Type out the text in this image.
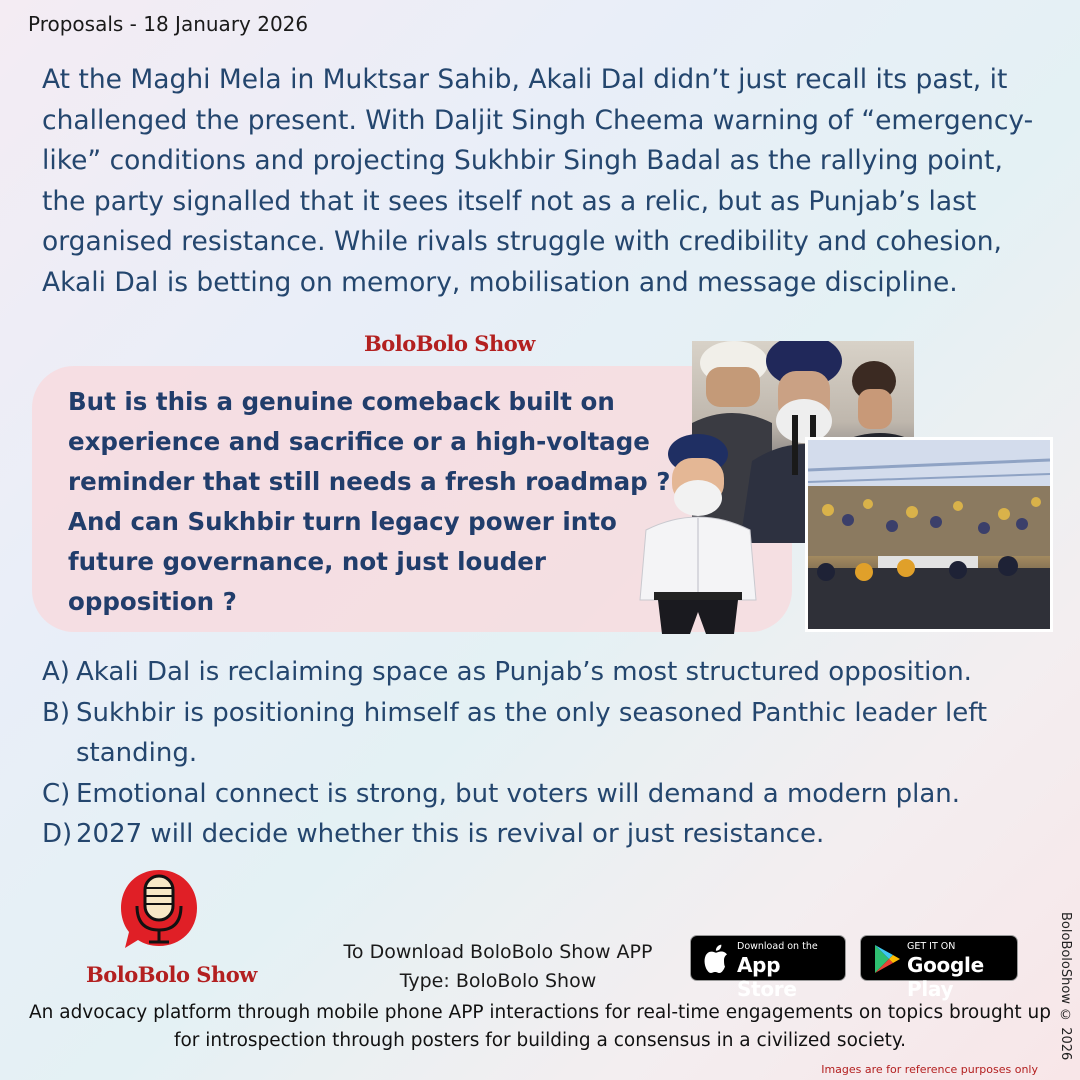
Proposals - 18 January 2026

At the Maghi Mela in Muktsar Sahib, Akali Dal didn’t just recall its past, it challenged the present. With Daljit Singh Cheema warning of “emergency-like” conditions and projecting Sukhbir Singh Badal as the rallying point, the party signalled that it sees itself not as a relic, but as Punjab’s last organised resistance. While rivals struggle with credibility and cohesion, Akali Dal is betting on memory, mobilisation and message discipline.

BoloBolo Show

But is this a genuine comeback built on experience and sacrifice or a high-voltage reminder that still needs a fresh roadmap ? And can Sukhbir turn legacy power into future governance, not just louder opposition ?

A) Akali Dal is reclaiming space as Punjab’s most structured opposition.
B) Sukhbir is positioning himself as the only seasoned Panthic leader left standing.
C) Emotional connect is strong, but voters will demand a modern plan.
D) 2027 will decide whether this is revival or just resistance.
BoloBolo Show
To Download BoloBolo Show APP
Type: BoloBolo Show
Download on the
App Store
GET IT ON
Google Play

An advocacy platform through mobile phone APP interactions for real-time engagements on topics brought up for introspection through posters for building a consensus in a civilized society.	BoloBoloShow © 2026
Images are for reference purposes only
